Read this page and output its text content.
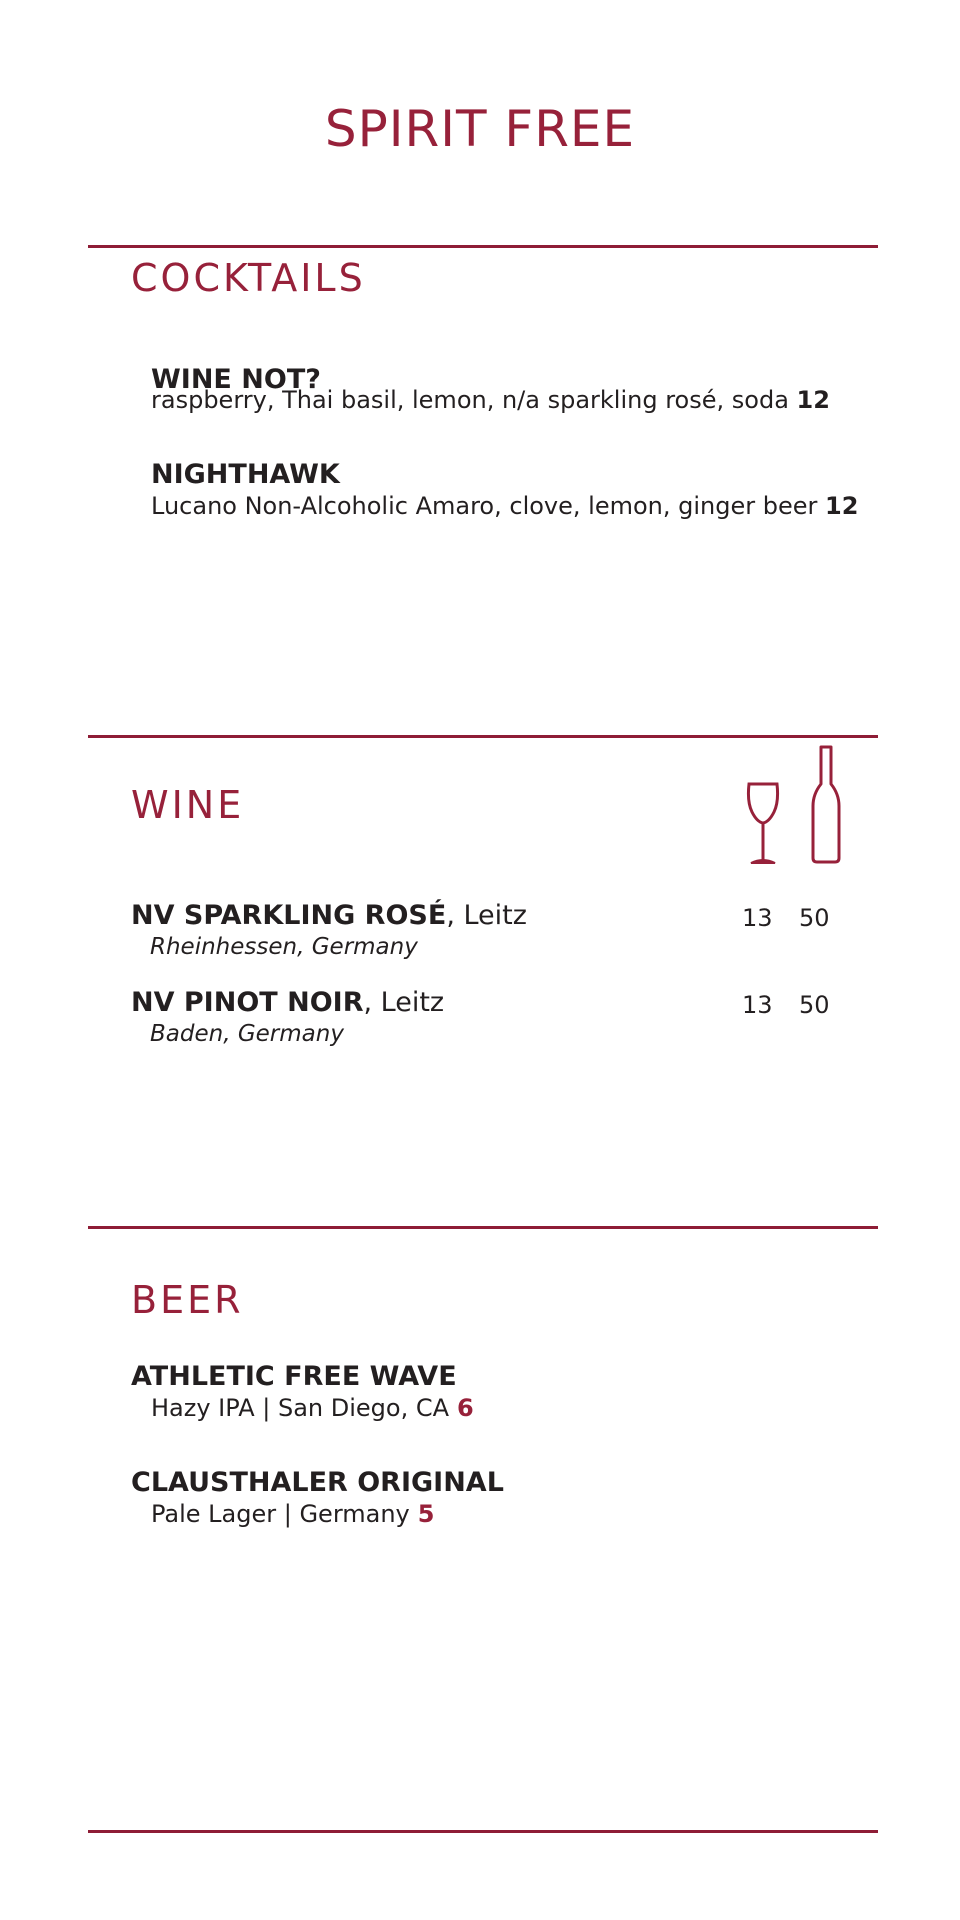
SPIRIT FREE
COCKTAILS
WINE NOT?
raspberry, Thai basil, lemon, n/a sparkling rosé, soda 12
NIGHTHAWK
Lucano Non-Alcoholic Amaro, clove, lemon, ginger beer 12
WINE
NV SPARKLING ROSÉ, Leitz
Rheinhessen, Germany
13 50
NV PINOT NOIR, Leitz
Baden, Germany
13 50
BEER
ATHLETIC FREE WAVE
Hazy IPA | San Diego, CA 6
CLAUSTHALER ORIGINAL
Pale Lager | Germany 5
